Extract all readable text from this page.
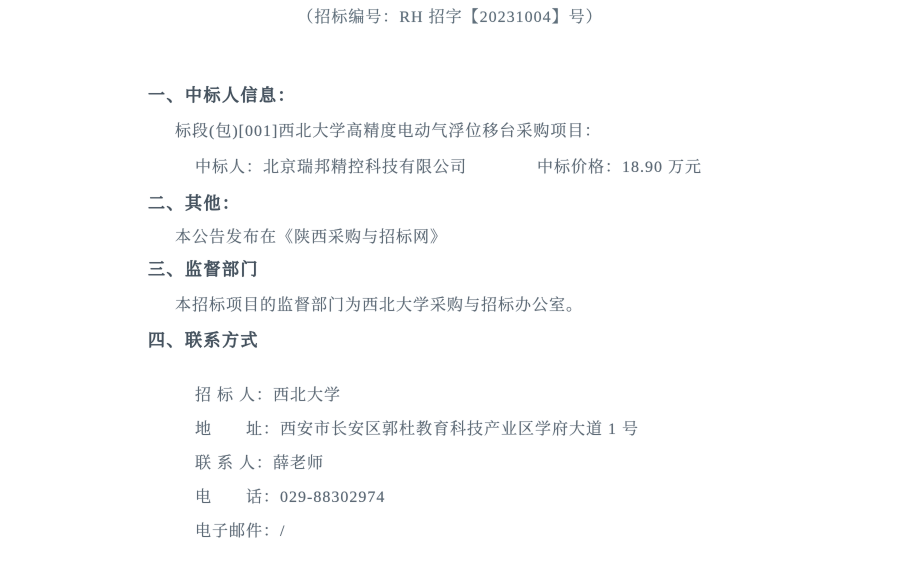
（招标编号：RH 招字【20231004】号）
一、中标人信息：
标段(包)[001]西北大学高精度电动气浮位移台采购项目：
中标人：北京瑞邦精控科技有限公司	中标价格：18.90 万元
二、其他：
本公告发布在《陕西采购与招标网》
三、监督部门
本招标项目的监督部门为西北大学采购与招标办公室。
四、联系方式

招 标 人：西北大学

地　　址：西安市长安区郭杜教育科技产业区学府大道 1 号

联 系 人：薛老师

电　　话：029-88302974

电子邮件：/
